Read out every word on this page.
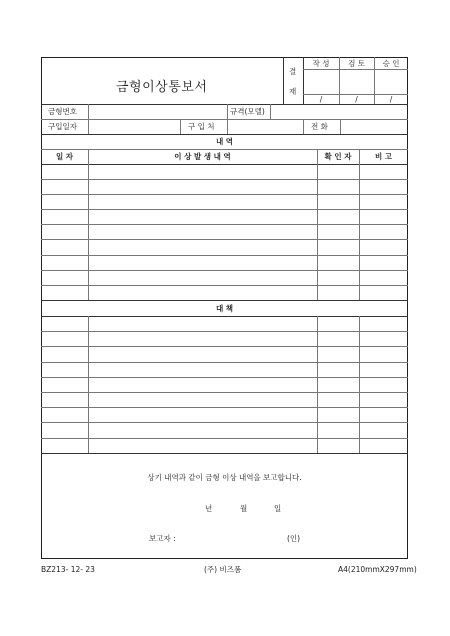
금형이상통보서
결
재
작 성	검 토	승 인
/	/	/
금형번호	규격(모델)
구입일자	구 입 처	전 화
내 역
일 자	이 상 발 생 내 역	확 인 자	비 고
대 책
상기 내역과 같이 금형 이상 내역을 보고합니다.
년	월	일
보고자 :	(인)
BZ213- 12- 23	(주) 비즈폼	A4(210mmX297mm)
